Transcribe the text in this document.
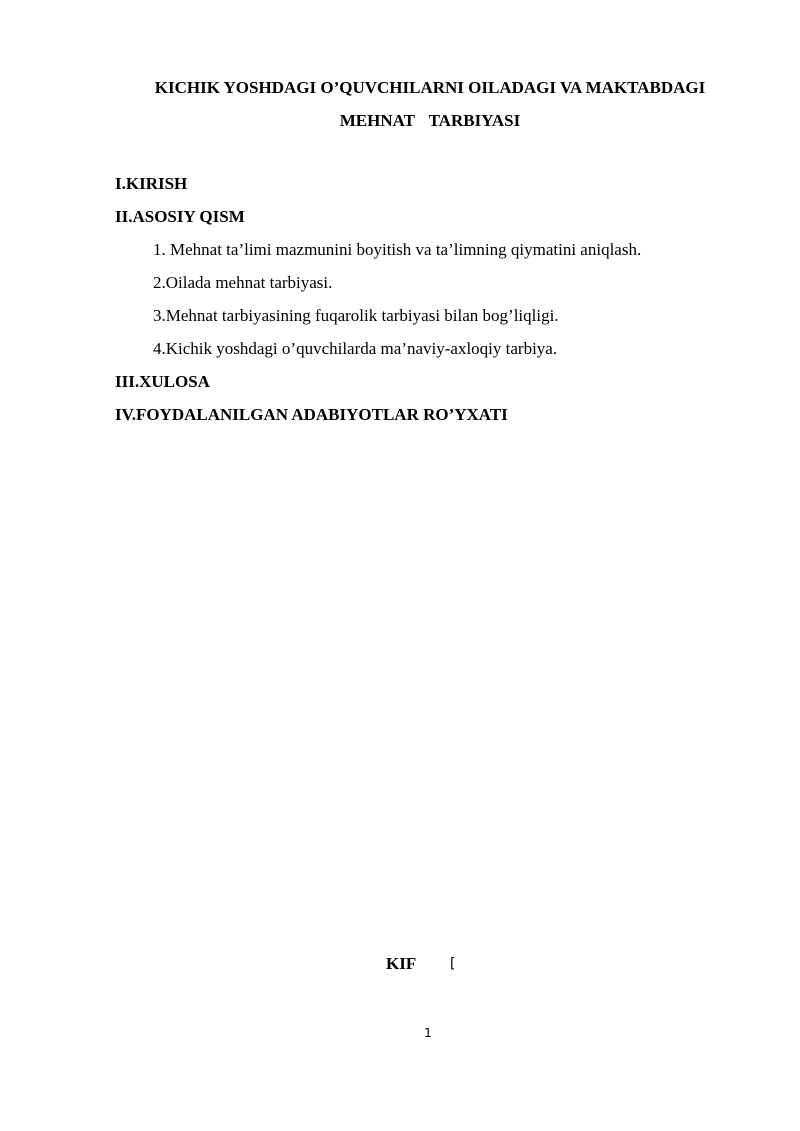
KICHIK YOSHDAGI O’QUVCHILARNI OILADAGI VA MAKTABDAGI
MEHNAT TARBIYASI
I.KIRISH
II.ASOSIY QISM
1. Mehnat ta’limi mazmunini boyitish va ta’limning qiymatini aniqlash.
2.Oilada mehnat tarbiyasi.
3.Mehnat tarbiyasining fuqarolik tarbiyasi bilan bog’liqligi.
4.Kichik yoshdagi o’quvchilarda ma’naviy-axloqiy tarbiya.
III.XULOSA
IV.FOYDALANILGAN ADABIYOTLAR RO’YXATI
KIF [
1
